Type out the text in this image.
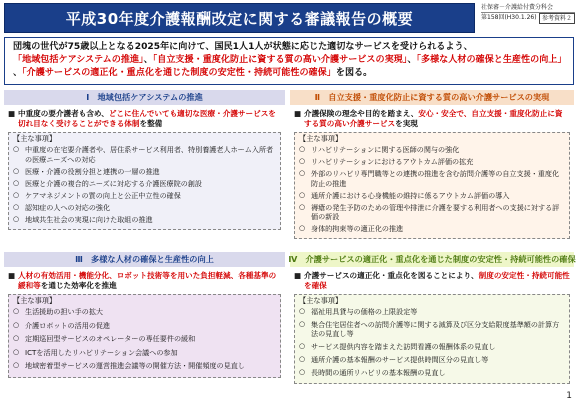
平成30年度介護報酬改定に関する審議報告の概要
社保審－介護給付費分科会
第158回(H30.1.26) 参考資料２

団塊の世代が75歳以上となる2025年に向けて、国民1人1人が状態に応じた適切なサービスを受けられるよう、

「地域包括ケアシステムの推進」、「自立支援・重度化防止に資する質の高い介護サービスの実現」、「多様な人材の確保と生産性の向上」

、「介護サービスの適正化・重点化を通じた制度の安定性・持続可能性の確保」を図る。

Ⅰ　地域包括ケアシステムの推進
■ 中重度の要介護者も含め、どこに住んでいても適切な医療・介護サービスを切れ目なく受けることができる体制を整備
【主な事項】
○ 中重度の在宅要介護者や、居住系サービス利用者、特別養護老人ホーム入所者の医療ニーズへの対応
○ 医療・介護の役割分担と連携の一層の推進
○ 医療と介護の複合的ニーズに対応する介護医療院の創設
○ ケアマネジメントの質の向上と公正中立性の確保
○ 認知症の人への対応の強化
○ 地域共生社会の実現に向けた取組の推進
Ⅱ　自立支援・重度化防止に資する質の高い介護サービスの実現
■ 介護保険の理念や目的を踏まえ、安心・安全で、自立支援・重度化防止に資する質の高い介護サービスを実現
【主な事項】
○ リハビリテーションに関する医師の関与の強化
○ リハビリテーションにおけるアウトカム評価の拡充
○ 外部のリハビリ専門職等との連携の推進を含む訪問介護等の自立支援・重度化防止の推進
○ 通所介護における心身機能の維持に係るアウトカム評価の導入
○ 褥瘡の発生予防のための管理や排泄に介護を要する利用者への支援に対する評価の新設
○ 身体的拘束等の適正化の推進
Ⅲ　多様な人材の確保と生産性の向上
■ 人材の有効活用・機能分化、ロボット技術等を用いた負担軽減、各種基準の緩和等を通じた効率化を推進
【主な事項】
○ 生活援助の担い手の拡大
○ 介護ロボットの活用の促進
○ 定期巡回型サービスのオペレーターの専任要件の緩和
○ ICTを活用したリハビリテーション会議への参加
○ 地域密着型サービスの運営推進会議等の開催方法・開催頻度の見直し
Ⅳ　介護サービスの適正化・重点化を通じた制度の安定性・持続可能性の確保
■ 介護サービスの適正化・重点化を図ることにより、制度の安定性・持続可能性を確保
【主な事項】
○ 福祉用具貸与の価格の上限設定等
○ 集合住宅居住者への訪問介護等に関する減算及び区分支給限度基準額の計算方法の見直し等
○ サービス提供内容を踏まえた訪問看護の報酬体系の見直し
○ 通所介護の基本報酬のサービス提供時間区分の見直し等
○ 長時間の通所リハビリの基本報酬の見直し
1
